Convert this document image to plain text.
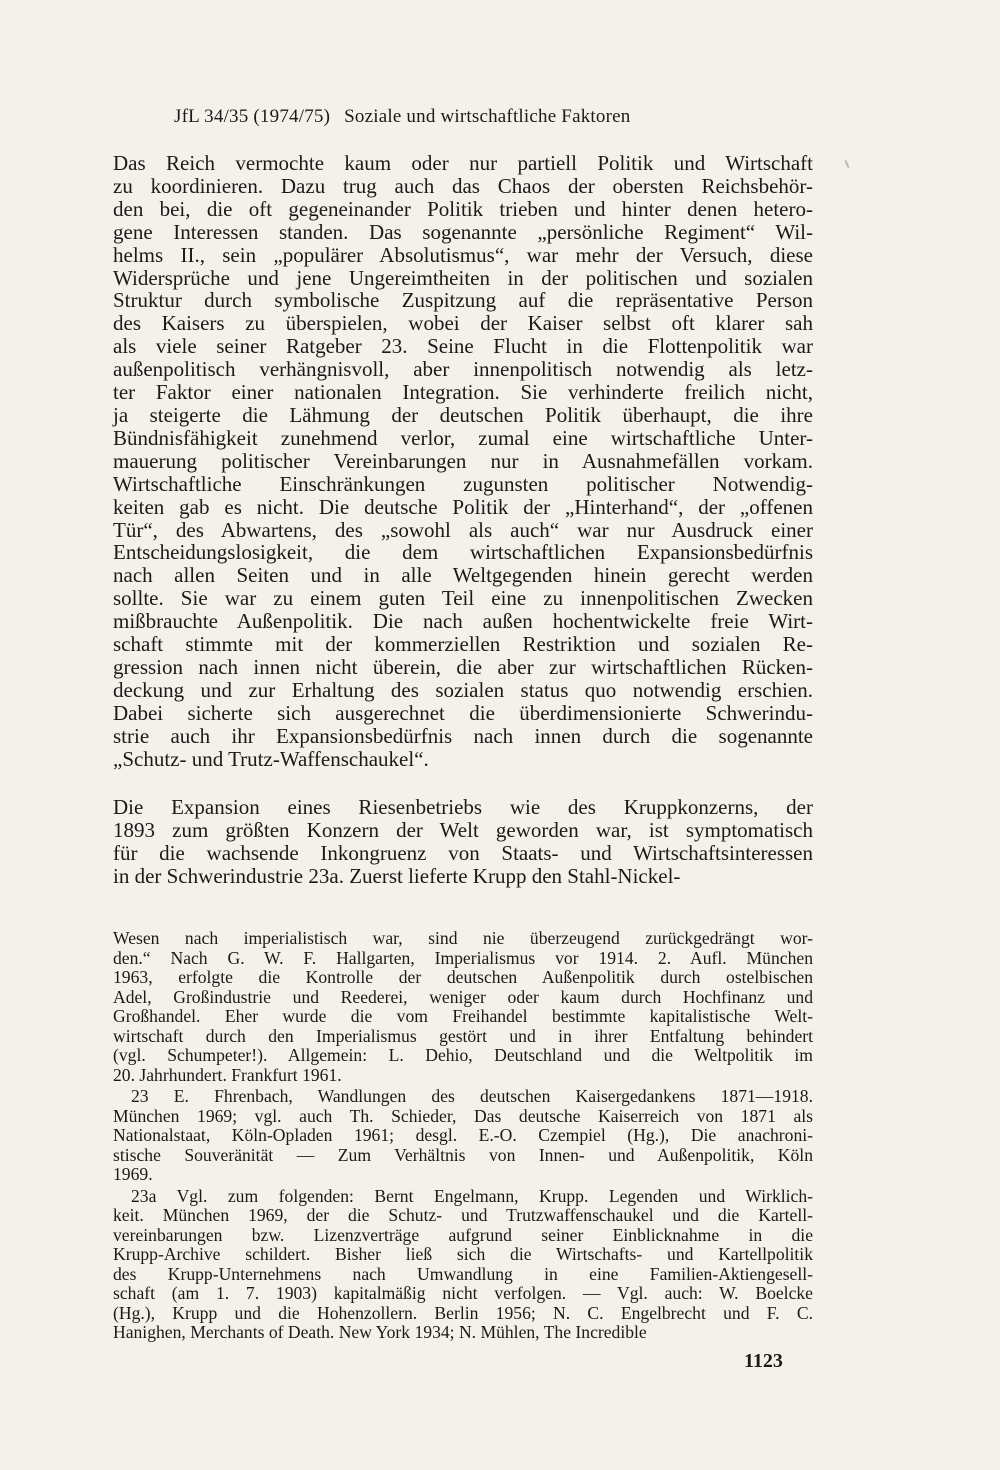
JfL 34/35 (1974/75) Soziale und wirtschaftliche Faktoren
Das Reich vermochte kaum oder nur partiell Politik und Wirtschaft
zu koordinieren. Dazu trug auch das Chaos der obersten Reichsbehör-
den bei, die oft gegeneinander Politik trieben und hinter denen hetero-
gene Interessen standen. Das sogenannte „persönliche Regiment“ Wil-
helms II., sein „populärer Absolutismus“, war mehr der Versuch, diese
Widersprüche und jene Ungereimtheiten in der politischen und sozialen
Struktur durch symbolische Zuspitzung auf die repräsentative Person
des Kaisers zu überspielen, wobei der Kaiser selbst oft klarer sah
als viele seiner Ratgeber 23. Seine Flucht in die Flottenpolitik war
außenpolitisch verhängnisvoll, aber innenpolitisch notwendig als letz-
ter Faktor einer nationalen Integration. Sie verhinderte freilich nicht,
ja steigerte die Lähmung der deutschen Politik überhaupt, die ihre
Bündnisfähigkeit zunehmend verlor, zumal eine wirtschaftliche Unter-
mauerung politischer Vereinbarungen nur in Ausnahmefällen vorkam.
Wirtschaftliche Einschränkungen zugunsten politischer Notwendig-
keiten gab es nicht. Die deutsche Politik der „Hinterhand“, der „offenen
Tür“, des Abwartens, des „sowohl als auch“ war nur Ausdruck einer
Entscheidungslosigkeit, die dem wirtschaftlichen Expansionsbedürfnis
nach allen Seiten und in alle Weltgegenden hinein gerecht werden
sollte. Sie war zu einem guten Teil eine zu innenpolitischen Zwecken
mißbrauchte Außenpolitik. Die nach außen hochentwickelte freie Wirt-
schaft stimmte mit der kommerziellen Restriktion und sozialen Re-
gression nach innen nicht überein, die aber zur wirtschaftlichen Rücken-
deckung und zur Erhaltung des sozialen status quo notwendig erschien.
Dabei sicherte sich ausgerechnet die überdimensionierte Schwerindu-
strie auch ihr Expansionsbedürfnis nach innen durch die sogenannte
„Schutz- und Trutz-Waffenschaukel“.
Die Expansion eines Riesenbetriebs wie des Kruppkonzerns, der
1893 zum größten Konzern der Welt geworden war, ist symptomatisch
für die wachsende Inkongruenz von Staats- und Wirtschaftsinteressen
in der Schwerindustrie 23a. Zuerst lieferte Krupp den Stahl-Nickel-
Wesen nach imperialistisch war, sind nie überzeugend zurückgedrängt wor-
den.“ Nach G. W. F. Hallgarten, Imperialismus vor 1914. 2. Aufl. München
1963, erfolgte die Kontrolle der deutschen Außenpolitik durch ostelbischen
Adel, Großindustrie und Reederei, weniger oder kaum durch Hochfinanz und
Großhandel. Eher wurde die vom Freihandel bestimmte kapitalistische Welt-
wirtschaft durch den Imperialismus gestört und in ihrer Entfaltung behindert
(vgl. Schumpeter!). Allgemein: L. Dehio, Deutschland und die Weltpolitik im
20. Jahrhundert. Frankfurt 1961.
23 E. Fhrenbach, Wandlungen des deutschen Kaisergedankens 1871—1918.
München 1969; vgl. auch Th. Schieder, Das deutsche Kaiserreich von 1871 als
Nationalstaat, Köln-Opladen 1961; desgl. E.-O. Czempiel (Hg.), Die anachroni-
stische Souveränität — Zum Verhältnis von Innen- und Außenpolitik, Köln
1969.
23a Vgl. zum folgenden: Bernt Engelmann, Krupp. Legenden und Wirklich-
keit. München 1969, der die Schutz- und Trutzwaffenschaukel und die Kartell-
vereinbarungen bzw. Lizenzverträge aufgrund seiner Einblicknahme in die
Krupp-Archive schildert. Bisher ließ sich die Wirtschafts- und Kartellpolitik
des Krupp-Unternehmens nach Umwandlung in eine Familien-Aktiengesell-
schaft (am 1. 7. 1903) kapitalmäßig nicht verfolgen. — Vgl. auch: W. Boelcke
(Hg.), Krupp und die Hohenzollern. Berlin 1956; N. C. Engelbrecht und F. C.
Hanighen, Merchants of Death. New York 1934; N. Mühlen, The Incredible
1123
